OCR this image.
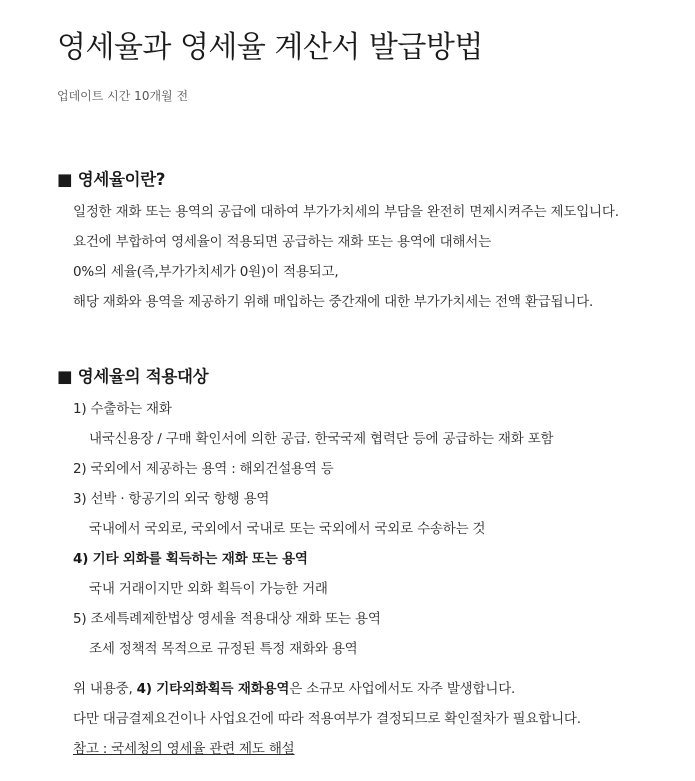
영세율과 영세율 계산서 발급방법
업데이트 시간 10개월 전
■ 영세율이란?
일정한 재화 또는 용역의 공급에 대하여 부가가치세의 부담을 완전히 면제시켜주는 제도입니다.
요건에 부합하여 영세율이 적용되면 공급하는 재화 또는 용역에 대해서는
0%의 세율(즉,부가가치세가 0원)이 적용되고,
해당 재화와 용역을 제공하기 위해 매입하는 중간재에 대한 부가가치세는 전액 환급됩니다.
■ 영세율의 적용대상
1) 수출하는 재화
내국신용장 / 구매 확인서에 의한 공급. 한국국제 협력단 등에 공급하는 재화 포함
2) 국외에서 제공하는 용역 : 해외건설용역 등
3) 선박 · 항공기의 외국 항행 용역
국내에서 국외로, 국외에서 국내로 또는 국외에서 국외로 수송하는 것
4) 기타 외화를 획득하는 재화 또는 용역
국내 거래이지만 외화 획득이 가능한 거래
5) 조세특례제한법상 영세율 적용대상 재화 또는 용역
조세 정책적 목적으로 규정된 특정 재화와 용역
위 내용중, 4) 기타외화획득 재화용역은 소규모 사업에서도 자주 발생합니다.
다만 대금결제요건이나 사업요건에 따라 적용여부가 결정되므로 확인절차가 필요합니다.
참고 : 국세청의 영세율 관련 제도 해설
